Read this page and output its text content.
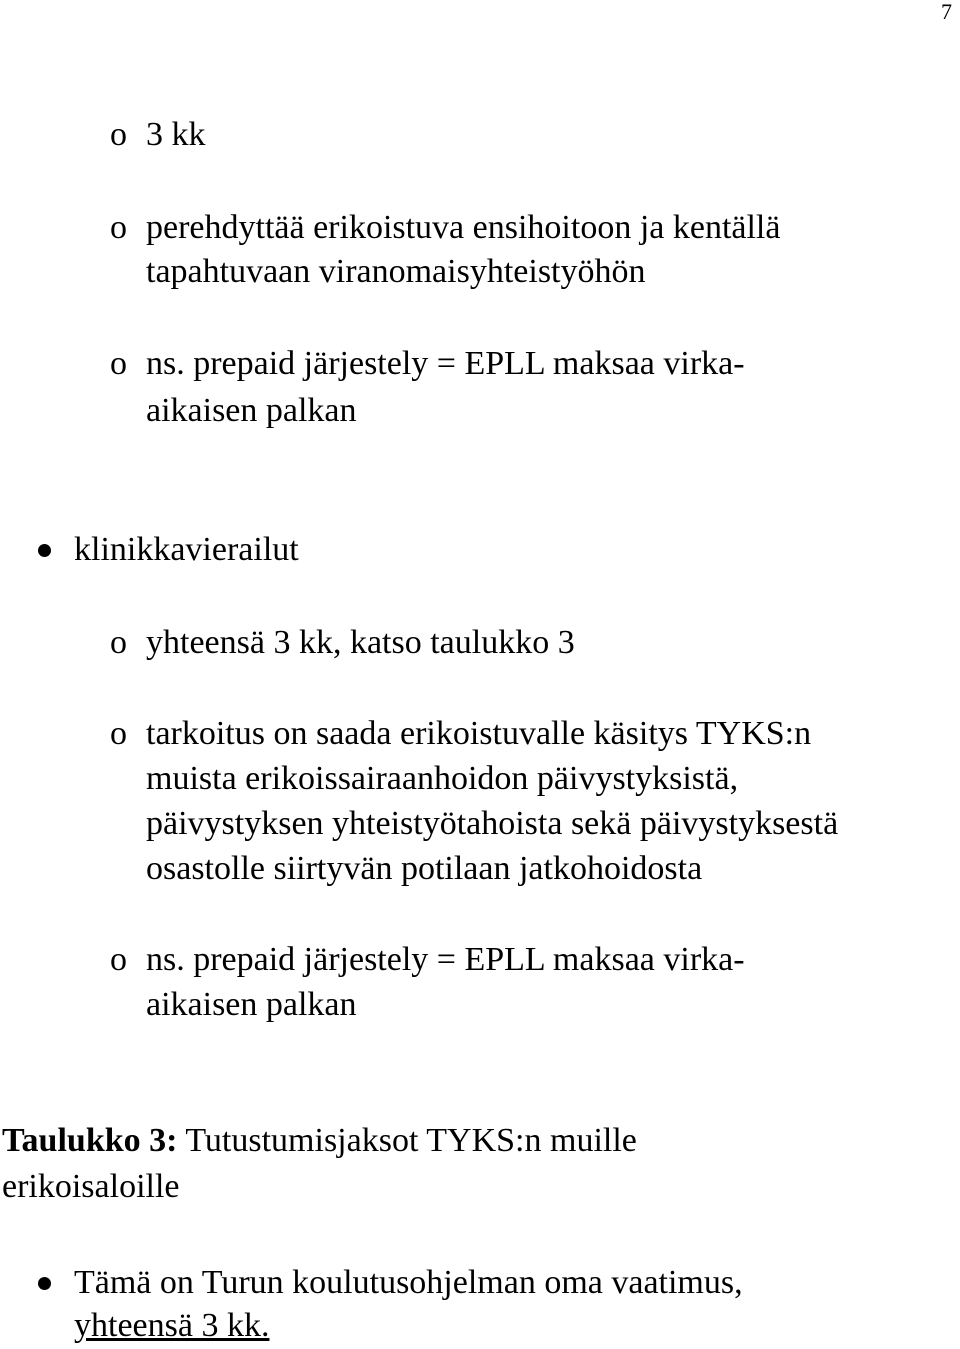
7
o 3 kk
o perehdyttää erikoistuva ensihoitoon ja kentällä
tapahtuvaan viranomaisyhteistyöhön
o ns. prepaid järjestely = EPLL maksaa virka-
aikaisen palkan
klinikkavierailut
o yhteensä 3 kk, katso taulukko 3
o tarkoitus on saada erikoistuvalle käsitys TYKS:n
muista erikoissairaanhoidon päivystyksistä,
päivystyksen yhteistyötahoista sekä päivystyksestä
osastolle siirtyvän potilaan jatkohoidosta
o ns. prepaid järjestely = EPLL maksaa virka-
aikaisen palkan
Taulukko 3: Tutustumisjaksot TYKS:n muille
erikoisaloille
Tämä on Turun koulutusohjelman oma vaatimus,
yhteensä 3 kk.
